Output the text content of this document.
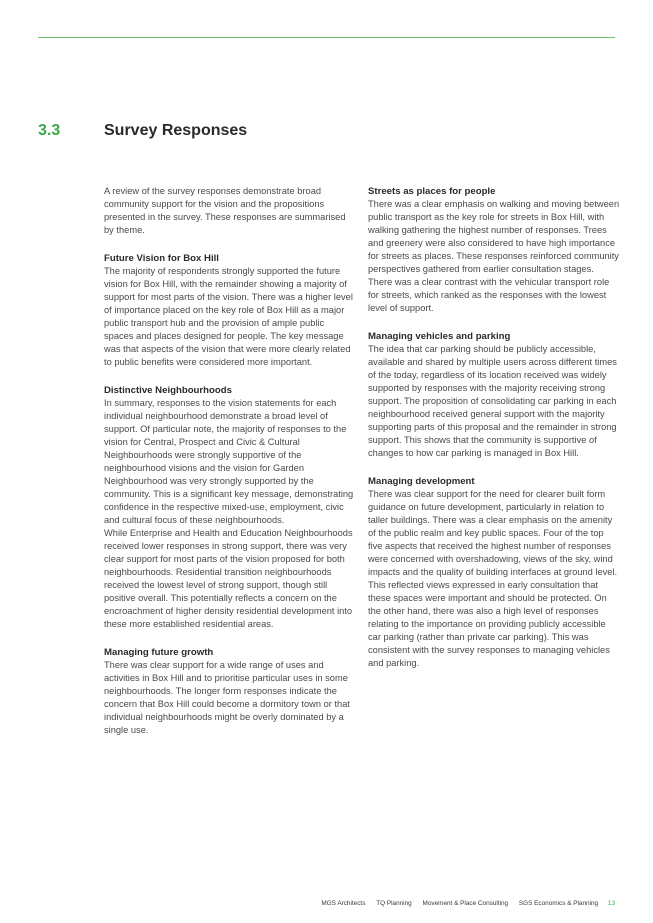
3.3	Survey Responses

A review of the survey responses demonstrate broad community support for the vision and the propositions presented in the survey. These responses are summarised by theme.

Future Vision for Box Hill

The majority of respondents strongly supported the future vision for Box Hill, with the remainder showing a majority of support for most parts of the vision. There was a higher level of importance placed on the key role of Box Hill as a major public transport hub and the provision of ample public spaces and places designed for people. The key message was that aspects of the vision that were more clearly related to public benefits were considered more important.

Distinctive Neighbourhoods

In summary, responses to the vision statements for each individual neighbourhood demonstrate a broad level of support. Of particular note, the majority of responses to the vision for Central, Prospect and Civic & Cultural Neighbourhoods were strongly supportive of the neighbourhood visions and the vision for Garden Neighbourhood was very strongly supported by the community. This is a significant key message, demonstrating confidence in the respective mixed-use, employment, civic and cultural focus of these neighbourhoods.

While Enterprise and Health and Education Neighbourhoods received lower responses in strong support, there was very clear support for most parts of the vision proposed for both neighbourhoods. Residential transition neighbourhoods received the lowest level of strong support, though still positive overall. This potentially reflects a concern on the encroachment of higher density residential development into these more established residential areas.

Managing future growth

There was clear support for a wide range of uses and activities in Box Hill and to prioritise particular uses in some neighbourhoods. The longer form responses indicate the concern that Box Hill could become a dormitory town or that individual neighbourhoods might be overly dominated by a single use.

Streets as places for people

There was a clear emphasis on walking and moving between public transport as the key role for streets in Box Hill, with walking gathering the highest number of responses. Trees and greenery were also considered to have high importance for streets as places. These responses reinforced community perspectives gathered from earlier consultation stages. There was a clear contrast with the vehicular transport role for streets, which ranked as the responses with the lowest level of support.

Managing vehicles and parking

The idea that car parking should be publicly accessible, available and shared by multiple users across different times of the today, regardless of its location received was widely supported by responses with the majority receiving strong support. The proposition of consolidating car parking in each neighbourhood received general support with the majority supporting parts of this proposal and the remainder in strong support. This shows that the community is supportive of changes to how car parking is managed in Box Hill.

Managing development

There was clear support for the need for clearer built form guidance on future development, particularly in relation to taller buildings. There was a clear emphasis on the amenity of the public realm and key public spaces. Four of the top five aspects that received the highest number of responses were concerned with overshadowing, views of the sky, wind impacts and the quality of building interfaces at ground level. This reflected views expressed in early consultation that these spaces were important and should be protected. On the other hand, there was also a high level of responses relating to the importance on providing publicly accessible car parking (rather than private car parking). This was consistent with the survey responses to managing vehicles and parking.

MGS Architects TQ Planning Movement & Place Consulting SGS Economics & Planning 13
